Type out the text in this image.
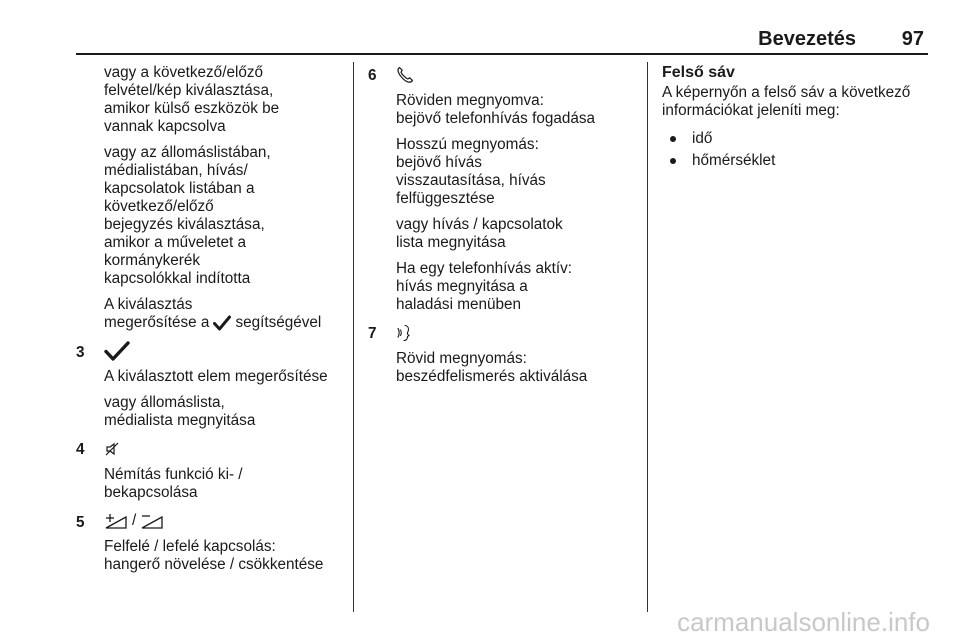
Bevezetés 97
vagy a következő/előző
felvétel/kép kiválasztása,
amikor külső eszközök be
vannak kapcsolva
vagy az állomáslistában,
médialistában, hívás/
kapcsolatok listában a
következő/előző
bejegyzés kiválasztása,
amikor a műveletet a
kormánykerék
kapcsolókkal indította
A kiválasztás
megerősítése a segítségével
3
A kiválasztott elem megerősítése
vagy állomáslista,
médialista megnyitása
4
Némítás funkció ki- /
bekapcsolása
5	/
Felfelé / lefelé kapcsolás:
hangerő növelése / csökkentése
6
Röviden megnyomva:
bejövő telefonhívás fogadása
Hosszú megnyomás:
bejövő hívás
visszautasítása, hívás
felfüggesztése
vagy hívás / kapcsolatok
lista megnyitása
Ha egy telefonhívás aktív:
hívás megnyitása a
haladási menüben
7
Rövid megnyomás:
beszédfelismerés aktiválása
Felső sáv
A képernyőn a felső sáv a következő
információkat jeleníti meg:
idő
hőmérséklet
carmanualsonline.info
